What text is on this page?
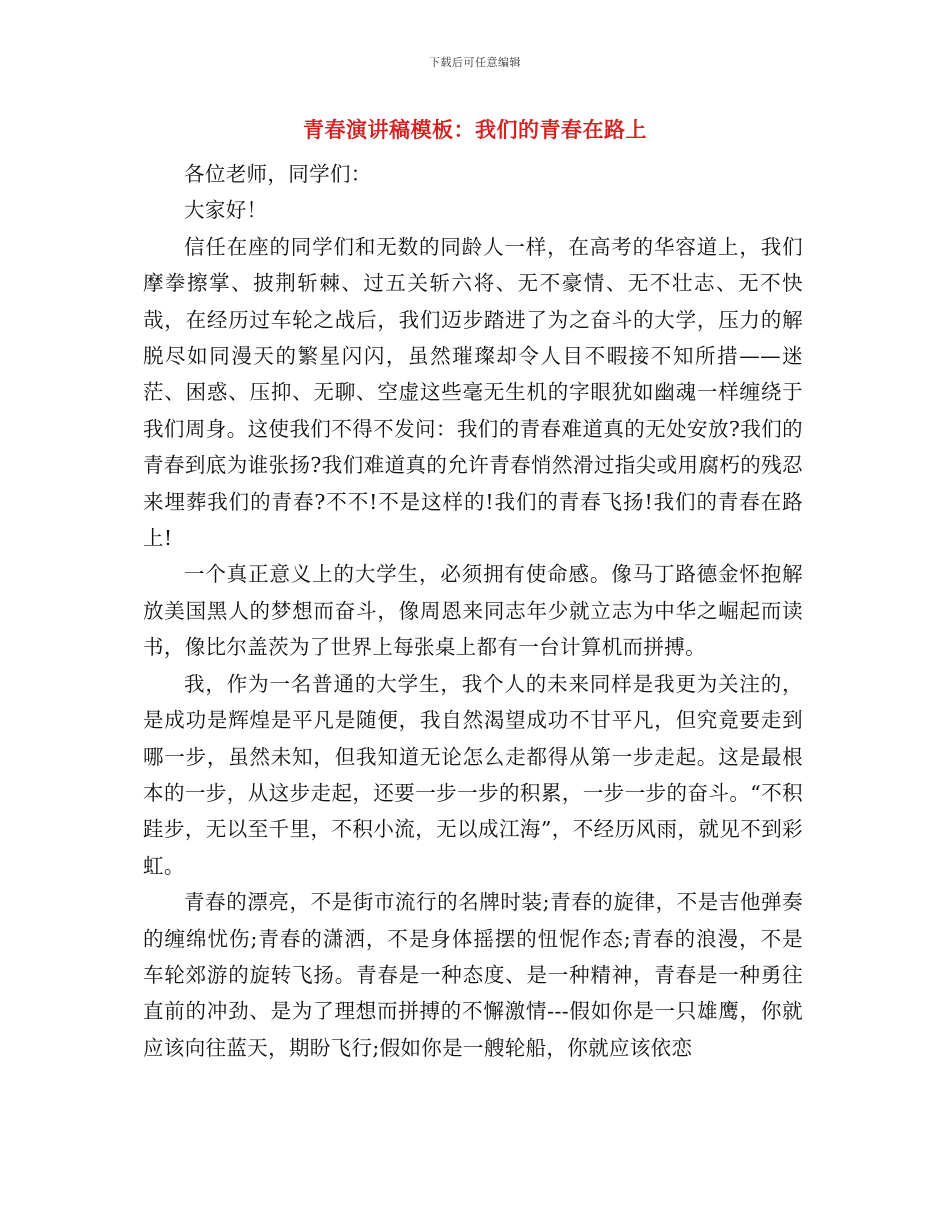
下载后可任意编辑
青春演讲稿模板：我们的青春在路上

各位老师，同学们：

大家好！

信任在座的同学们和无数的同龄人一样，在高考的华容道上，我们摩拳擦掌、披荆斩棘、过五关斩六将、无不豪情、无不壮志、无不快哉，在经历过车轮之战后，我们迈步踏进了为之奋斗的大学，压力的解脱尽如同漫天的繁星闪闪，虽然璀璨却令人目不暇接不知所措——迷茫、困惑、压抑、无聊、空虚这些毫无生机的字眼犹如幽魂一样缠绕于我们周身。这使我们不得不发问：我们的青春难道真的无处安放?我们的青春到底为谁张扬?我们难道真的允许青春悄然滑过指尖或用腐朽的残忍来埋葬我们的青春?不不!不是这样的!我们的青春飞扬!我们的青春在路上!

一个真正意义上的大学生，必须拥有使命感。像马丁路德金怀抱解放美国黑人的梦想而奋斗，像周恩来同志年少就立志为中华之崛起而读书，像比尔盖茨为了世界上每张桌上都有一台计算机而拼搏。

我，作为一名普通的大学生，我个人的未来同样是我更为关注的，是成功是辉煌是平凡是随便，我自然渴望成功不甘平凡，但究竟要走到哪一步，虽然未知，但我知道无论怎么走都得从第一步走起。这是最根本的一步，从这步走起，还要一步一步的积累，一步一步的奋斗。“不积跬步，无以至千里，不积小流，无以成江海”，不经历风雨，就见不到彩虹。

青春的漂亮，不是街市流行的名牌时装;青春的旋律，不是吉他弹奏的缠绵忧伤;青春的潇洒，不是身体摇摆的忸怩作态;青春的浪漫，不是车轮郊游的旋转飞扬。青春是一种态度、是一种精神，青春是一种勇往直前的冲劲、是为了理想而拼搏的不懈激情---假如你是一只雄鹰，你就应该向往蓝天，期盼飞行;假如你是一艘轮船，你就应该依恋
